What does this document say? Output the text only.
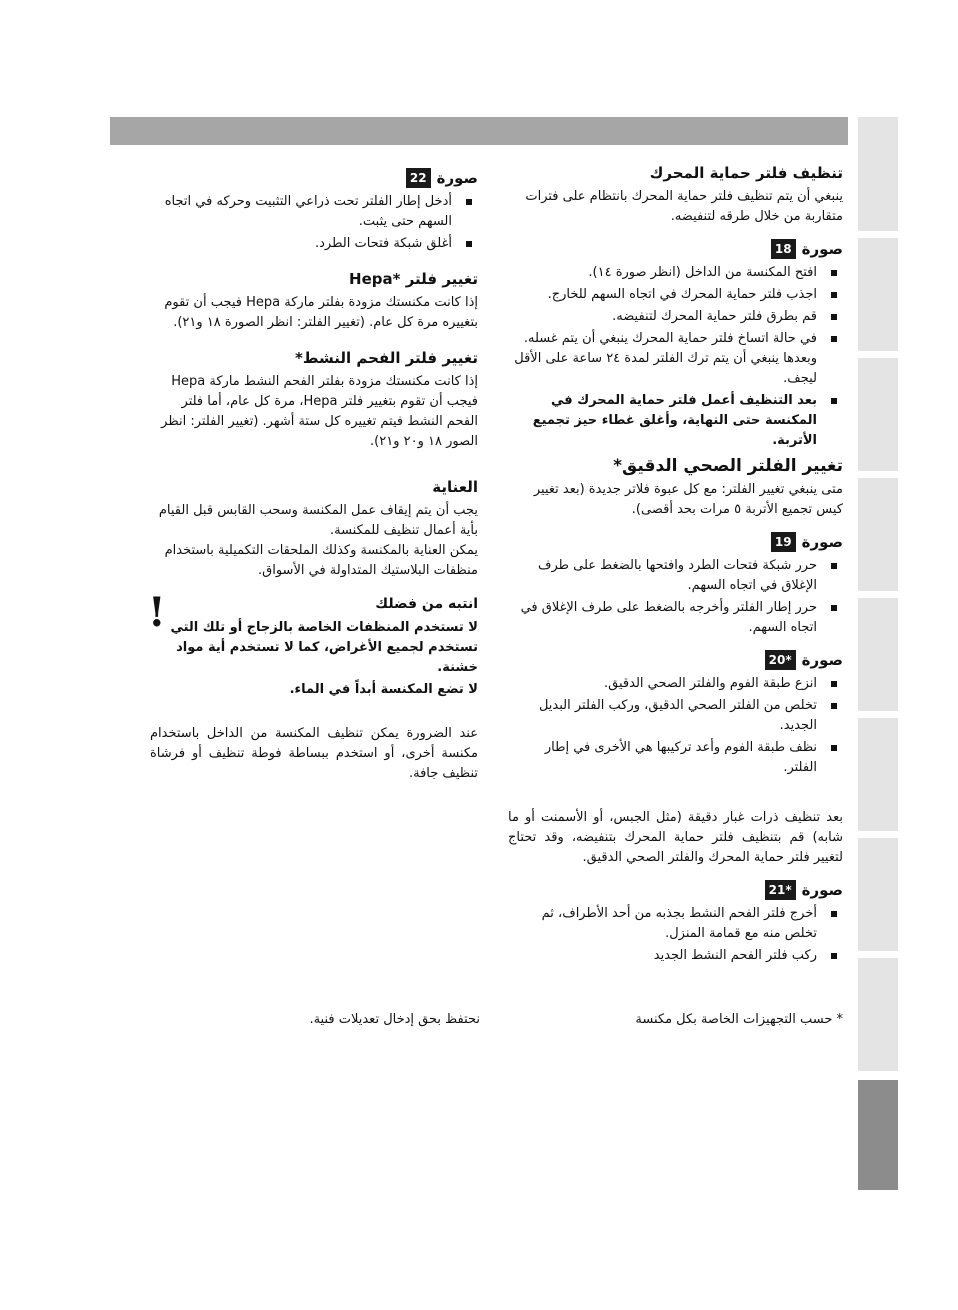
تنظيف فلتر حماية المحرك
ينبغي أن يتم تنظيف فلتر حماية المحرك بانتظام على فترات متقاربة من خلال طرقه لتنفيضه.
صورة
18
افتح المكنسة من الداخل (انظر صورة ١٤).
اجذب فلتر حماية المحرك في اتجاه السهم للخارج.
قم بطرق فلتر حماية المحرك لتنفيضه.
في حالة اتساخ فلتر حماية المحرك ينبغي أن يتم غسله. وبعدها ينبغي أن يتم ترك الفلتر لمدة ٢٤ ساعة على الأقل ليجف.
بعد التنظيف أعمل فلتر حماية المحرك في المكنسة حتى النهاية، وأغلق غطاء حيز تجميع الأتربة.
تغيير الفلتر الصحي الدقيق*
متى ينبغي تغيير الفلتر: مع كل عبوة فلاتر جديدة (بعد تغيير كيس تجميع الأتربة ٥ مرات بحد أقصى).
صورة
19
حرر شبكة فتحات الطرد وافتحها بالضغط على طرف الإغلاق في اتجاه السهم.
حرر إطار الفلتر وأخرجه بالضغط على طرف الإغلاق في اتجاه السهم.
صورة
20*
انزع طبقة الفوم والفلتر الصحي الدقيق.
تخلص من الفلتر الصحي الدقيق، وركب الفلتر البديل الجديد.
نظف طبقة الفوم وأعد تركيبها هي الأخرى في إطار الفلتر.
بعد تنظيف ذرات غبار دقيقة (مثل الجبس، أو الأسمنت أو ما شابه) قم بتنظيف فلتر حماية المحرك بتنفيضه، وقد تحتاج لتغيير فلتر حماية المحرك والفلتر الصحي الدقيق.
صورة
21*
أخرج فلتر الفحم النشط بجذبه من أحد الأطراف، ثم تخلص منه مع قمامة المنزل.
ركب فلتر الفحم النشط الجديد
صورة
22
أدخل إطار الفلتر تحت ذراعي التثبيت وحركه في اتجاه السهم حتى يثبت.
أغلق شبكة فتحات الطرد.
تغيير فلتر *Hepa
إذا كانت مكنستك مزودة بفلتر ماركة Hepa فيجب أن تقوم بتغييره مرة كل عام. (تغيير الفلتر: انظر الصورة ١٨ و٢١).
تغيير فلتر الفحم النشط*
إذا كانت مكنستك مزودة بفلتر الفحم النشط ماركة Hepa فيجب أن تقوم بتغيير فلتر Hepa، مرة كل عام، أما فلتر الفحم النشط فيتم تغييره كل ستة أشهر. (تغيير الفلتر: انظر الصور ١٨ و٢٠ و٢١).
العناية
يجب أن يتم إيقاف عمل المكنسة وسحب القابس قبل القيام بأية أعمال تنظيف للمكنسة.
يمكن العناية بالمكنسة وكذلك الملحقات التكميلية باستخدام منظفات البلاستيك المتداولة في الأسواق.
!	انتبه من فضلك
لا تستخدم المنظفات الخاصة بالزجاج أو تلك التي تستخدم لجميع الأغراض، كما لا تستخدم أية مواد خشنة.
لا تضع المكنسة أبداً في الماء.
عند الضرورة يمكن تنظيف المكنسة من الداخل باستخدام مكنسة أخرى، أو استخدم ببساطة فوطة تنظيف أو فرشاة تنظيف جافة.
* حسب التجهيزات الخاصة بكل مكنسة
نحتفظ بحق إدخال تعديلات فنية.
